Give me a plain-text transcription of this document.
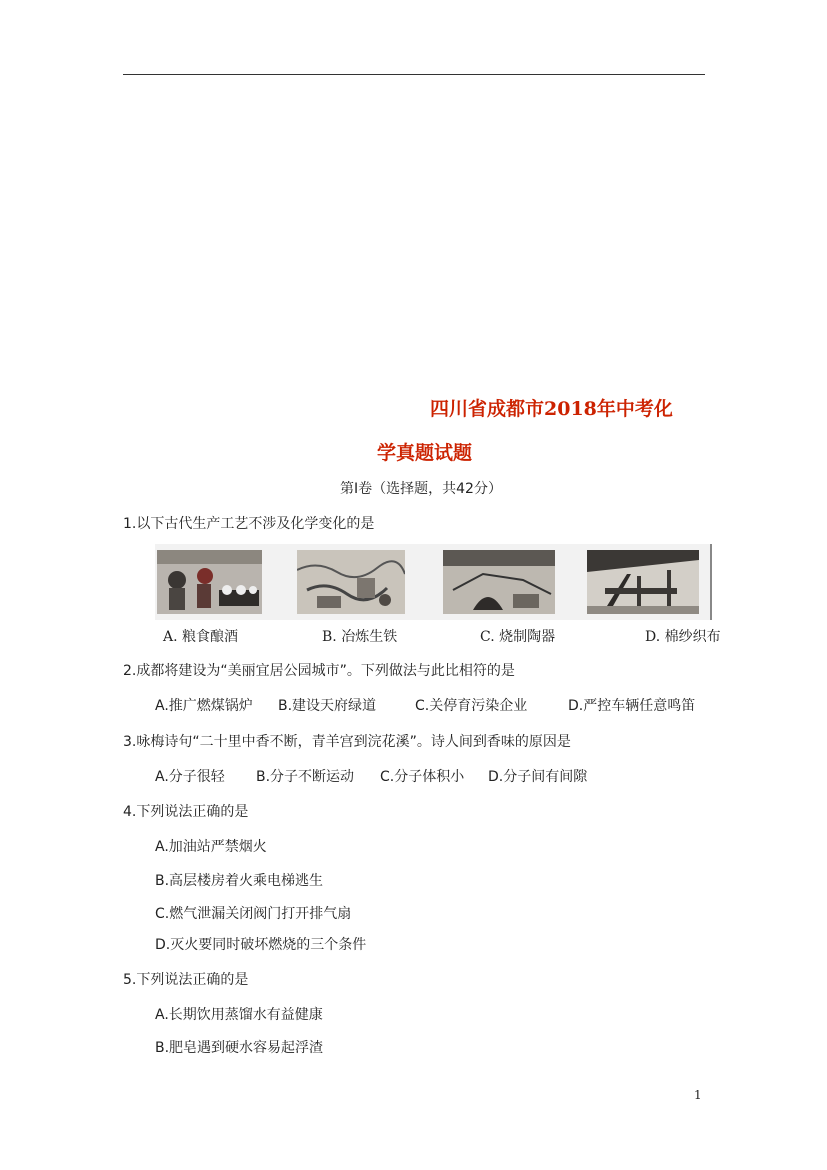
四川省成都市2018年中考化
学真题试题
第Ⅰ卷（选择题，共42分）
1.以下古代生产工艺不涉及化学变化的是
A. 粮食酿酒	B. 冶炼生铁	C. 烧制陶器	D. 棉纱织布
2.成都将建设为“美丽宜居公园城市”。下列做法与此比相符的是
A.推广燃煤锅炉 B.建设天府绿道	C.关停育污染企业	D.严控车辆任意鸣笛
3.咏梅诗句“二十里中香不断，青羊宫到浣花溪”。诗人间到香味的原因是
A.分子很轻 B.分子不断运动 C.分子体积小 D.分子间有间隙
4.下列说法正确的是
A.加油站严禁烟火
B.高层楼房着火乘电梯逃生
C.燃气泄漏关闭阀门打开排气扇
D.灭火要同时破坏燃烧的三个条件
5.下列说法正确的是
A.长期饮用蒸馏水有益健康
B.肥皂遇到硬水容易起浮渣
1
